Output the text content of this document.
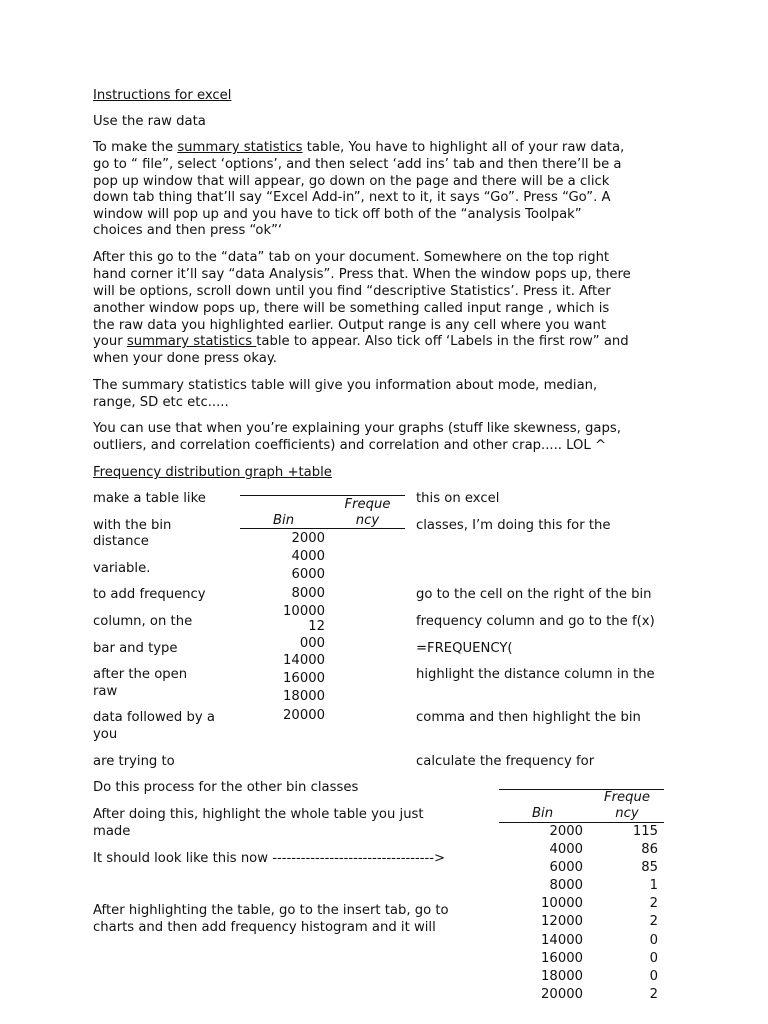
Instructions for excel
Use the raw data
To make the summary statistics table, You have to highlight all of your raw data,
go to “ file”, select ‘options’, and then select ‘add ins’ tab and then there’ll be a
pop up window that will appear, go down on the page and there will be a click
down tab thing that’ll say “Excel Add-in”, next to it, it says “Go”. Press “Go”. A
window will pop up and you have to tick off both of the “analysis Toolpak”
choices and then press “ok”‘
After this go to the “data” tab on your document. Somewhere on the top right
hand corner it’ll say “data Analysis”. Press that. When the window pops up, there
will be options, scroll down until you find “descriptive Statistics’. Press it. After
another window pops up, there will be something called input range , which is
the raw data you highlighted earlier. Output range is any cell where you want
your summary statistics table to appear. Also tick off ‘Labels in the first row” and
when your done press okay.
The summary statistics table will give you information about mode, median,
range, SD etc etc.....
You can use that when you’re explaining your graphs (stuff like skewness, gaps,
outliers, and correlation coefficients) and correlation and other crap..... LOL ^
Frequency distribution graph +table
make a table like
with the bin
distance
variable.
to add frequency
column, on the
bar and type
after the open
raw
data followed by a
you
are trying to
this on excel
classes, I’m doing this for the
go to the cell on the right of the bin
frequency column and go to the f(x)
=FREQUENCY(
highlight the distance column in the
comma and then highlight the bin
calculate the frequency for
Freque
ncy
Bin
2000
4000
6000
8000
10000
12
000
14000
16000
18000
20000
Do this process for the other bin classes
After doing this, highlight the whole table you just
made
It should look like this now ---------------------------------->
After highlighting the table, go to the insert tab, go to
charts and then add frequency histogram and it will
Freque
ncy
Bin
2000	115
4000	86
6000	85
8000	1
10000	2
12000	2
14000	0
16000	0
18000	0
20000	2
